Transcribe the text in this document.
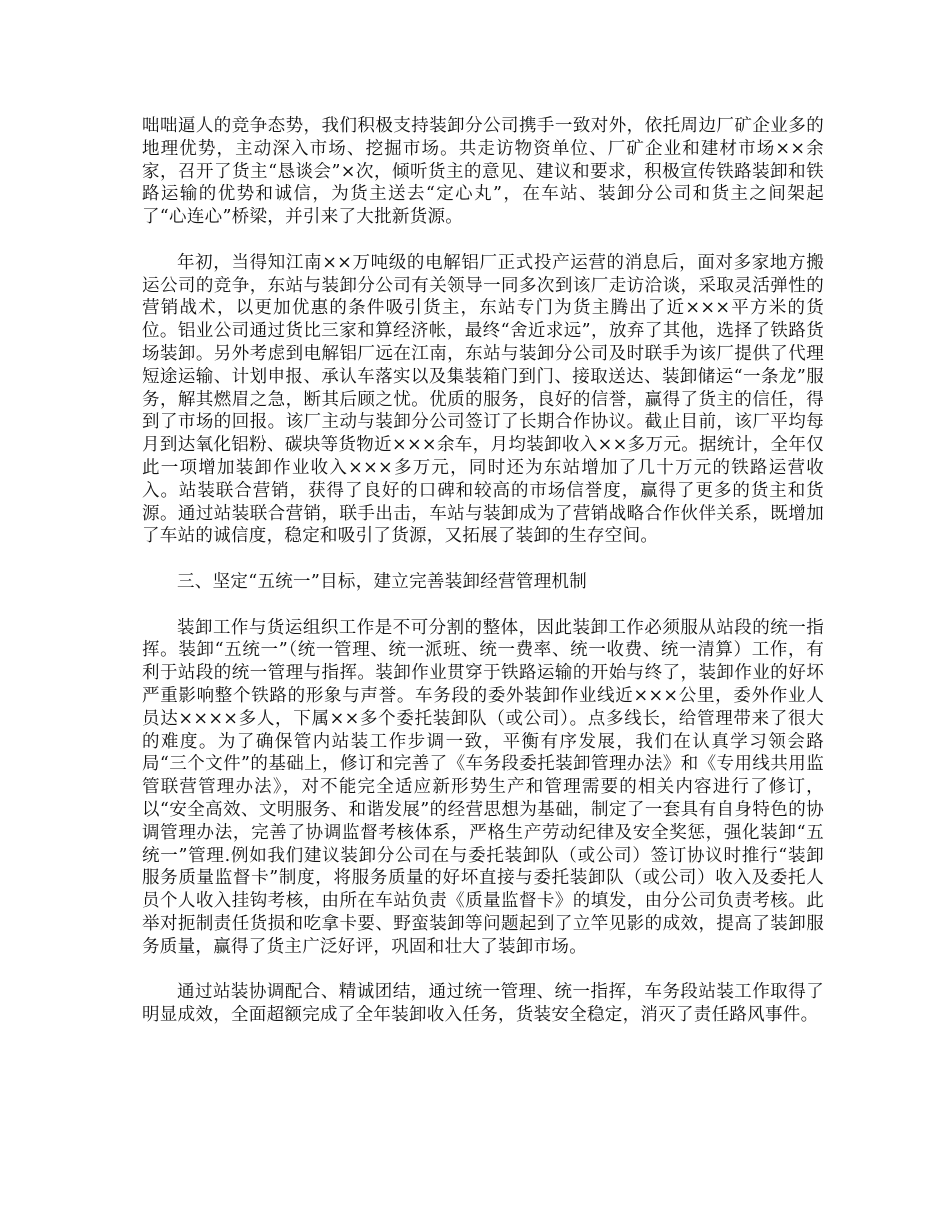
咄咄逼人的竞争态势，我们积极支持装卸分公司携手一致对外，依托周边厂矿企业多的地理优势，主动深入市场、挖掘市场。共走访物资单位、厂矿企业和建材市场××余家，召开了货主“恳谈会”×次，倾听货主的意见、建议和要求，积极宣传铁路装卸和铁路运输的优势和诚信，为货主送去“定心丸”，在车站、装卸分公司和货主之间架起了“心连心”桥梁，并引来了大批新货源。

年初，当得知江南××万吨级的电解铝厂正式投产运营的消息后，面对多家地方搬运公司的竞争，东站与装卸分公司有关领导一同多次到该厂走访洽谈，采取灵活弹性的营销战术，以更加优惠的条件吸引货主，东站专门为货主腾出了近×××平方米的货位。铝业公司通过货比三家和算经济帐，最终“舍近求远”，放弃了其他，选择了铁路货场装卸。另外考虑到电解铝厂远在江南，东站与装卸分公司及时联手为该厂提供了代理短途运输、计划申报、承认车落实以及集装箱门到门、接取送达、装卸储运“一条龙”服务，解其燃眉之急，断其后顾之忧。优质的服务，良好的信誉，赢得了货主的信任，得到了市场的回报。该厂主动与装卸分公司签订了长期合作协议。截止目前，该厂平均每月到达氧化铝粉、碳块等货物近×××余车，月均装卸收入××多万元。据统计，全年仅此一项增加装卸作业收入×××多万元，同时还为东站增加了几十万元的铁路运营收入。站装联合营销，获得了良好的口碑和较高的市场信誉度，赢得了更多的货主和货源。通过站装联合营销，联手出击，车站与装卸成为了营销战略合作伙伴关系，既增加了车站的诚信度，稳定和吸引了货源，又拓展了装卸的生存空间。

三、坚定“五统一”目标，建立完善装卸经营管理机制

装卸工作与货运组织工作是不可分割的整体，因此装卸工作必须服从站段的统一指挥。装卸“五统一”（统一管理、统一派班、统一费率、统一收费、统一清算）工作，有利于站段的统一管理与指挥。装卸作业贯穿于铁路运输的开始与终了，装卸作业的好坏严重影响整个铁路的形象与声誉。车务段的委外装卸作业线近×××公里，委外作业人员达××××多人，下属××多个委托装卸队（或公司）。点多线长，给管理带来了很大的难度。为了确保管内站装工作步调一致，平衡有序发展，我们在认真学习领会路局“三个文件”的基础上，修订和完善了《车务段委托装卸管理办法》和《专用线共用监管联营管理办法》，对不能完全适应新形势生产和管理需要的相关内容进行了修订，以“安全高效、文明服务、和谐发展”的经营思想为基础，制定了一套具有自身特色的协调管理办法，完善了协调监督考核体系，严格生产劳动纪律及安全奖惩，强化装卸“五统一”管理.例如我们建议装卸分公司在与委托装卸队（或公司）签订协议时推行“装卸服务质量监督卡”制度，将服务质量的好坏直接与委托装卸队（或公司）收入及委托人员个人收入挂钩考核，由所在车站负责《质量监督卡》的填发，由分公司负责考核。此举对扼制责任货损和吃拿卡要、野蛮装卸等问题起到了立竿见影的成效，提高了装卸服务质量，赢得了货主广泛好评，巩固和壮大了装卸市场。

通过站装协调配合、精诚团结，通过统一管理、统一指挥，车务段站装工作取得了明显成效，全面超额完成了全年装卸收入任务，货装安全稳定，消灭了责任路风事件。
